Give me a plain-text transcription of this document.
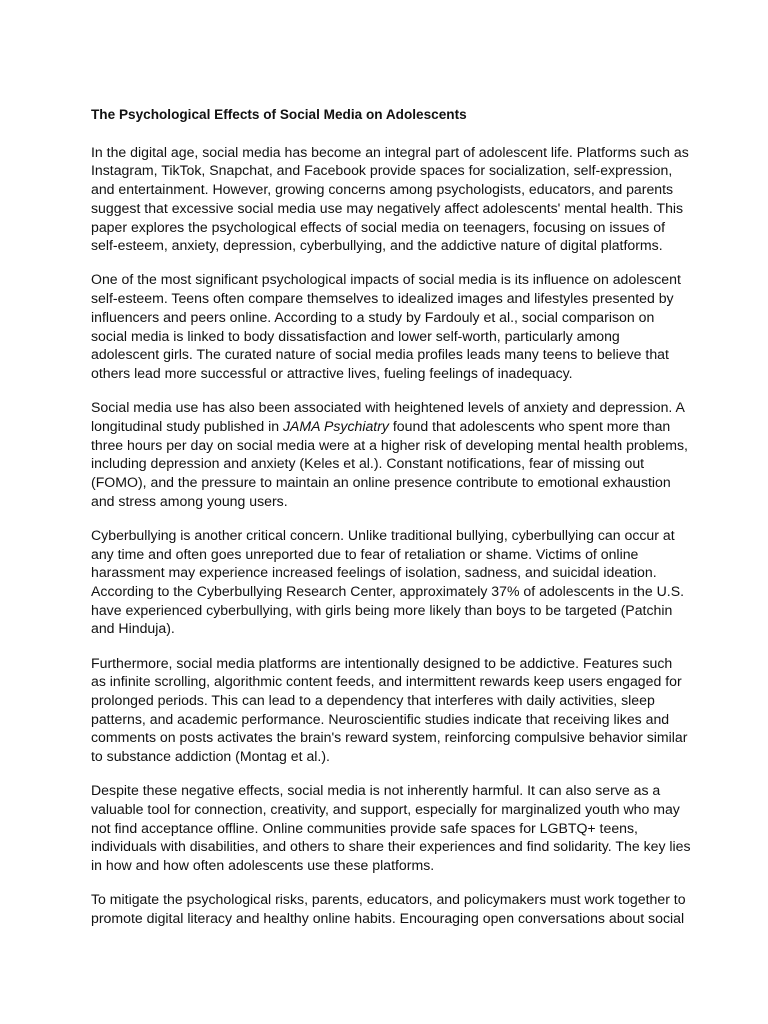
The Psychological Effects of Social Media on Adolescents

In the digital age, social media has become an integral part of adolescent life. Platforms such as Instagram, TikTok, Snapchat, and Facebook provide spaces for socialization, self-expression, and entertainment. However, growing concerns among psychologists, educators, and parents suggest that excessive social media use may negatively affect adolescents' mental health. This paper explores the psychological effects of social media on teenagers, focusing on issues of self-esteem, anxiety, depression, cyberbullying, and the addictive nature of digital platforms.

One of the most significant psychological impacts of social media is its influence on adolescent self-esteem. Teens often compare themselves to idealized images and lifestyles presented by influencers and peers online. According to a study by Fardouly et al., social comparison on social media is linked to body dissatisfaction and lower self-worth, particularly among adolescent girls. The curated nature of social media profiles leads many teens to believe that others lead more successful or attractive lives, fueling feelings of inadequacy.

Social media use has also been associated with heightened levels of anxiety and depression. A longitudinal study published in JAMA Psychiatry found that adolescents who spent more than three hours per day on social media were at a higher risk of developing mental health problems, including depression and anxiety (Keles et al.). Constant notifications, fear of missing out (FOMO), and the pressure to maintain an online presence contribute to emotional exhaustion and stress among young users.

Cyberbullying is another critical concern. Unlike traditional bullying, cyberbullying can occur at any time and often goes unreported due to fear of retaliation or shame. Victims of online harassment may experience increased feelings of isolation, sadness, and suicidal ideation. According to the Cyberbullying Research Center, approximately 37% of adolescents in the U.S. have experienced cyberbullying, with girls being more likely than boys to be targeted (Patchin and Hinduja).

Furthermore, social media platforms are intentionally designed to be addictive. Features such as infinite scrolling, algorithmic content feeds, and intermittent rewards keep users engaged for prolonged periods. This can lead to a dependency that interferes with daily activities, sleep patterns, and academic performance. Neuroscientific studies indicate that receiving likes and comments on posts activates the brain's reward system, reinforcing compulsive behavior similar to substance addiction (Montag et al.).

Despite these negative effects, social media is not inherently harmful. It can also serve as a valuable tool for connection, creativity, and support, especially for marginalized youth who may not find acceptance offline. Online communities provide safe spaces for LGBTQ+ teens, individuals with disabilities, and others to share their experiences and find solidarity. The key lies in how and how often adolescents use these platforms.

To mitigate the psychological risks, parents, educators, and policymakers must work together to promote digital literacy and healthy online habits. Encouraging open conversations about social
